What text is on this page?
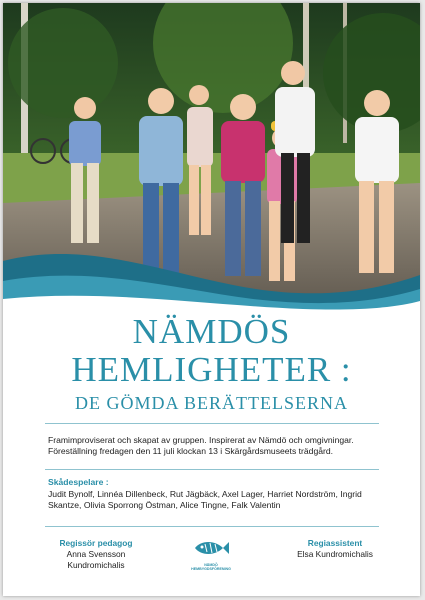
NÄMDÖS
HEMLIGHETER :
DE GÖMDA BERÄTTELSERNA
Framimproviserat och skapat av gruppen. Inspirerat av Nämdö och omgivningar. Föreställning fredagen den 11 juli klockan 13 i Skärgårdsmuseets trädgård.
Skådespelare :
Judit Bynolf, Linnéa Dillenbeck, Rut Jägbäck, Axel Lager, Harriet Nordström, Ingrid Skantze, Olivia Sporrong Östman, Alice Tingne, Falk Valentin
Regissör pedagog
Anna Svensson Kundromichalis	NÄMDÖ HEMBYGDSFÖRENING
Regiassistent
Elsa Kundromichalis
